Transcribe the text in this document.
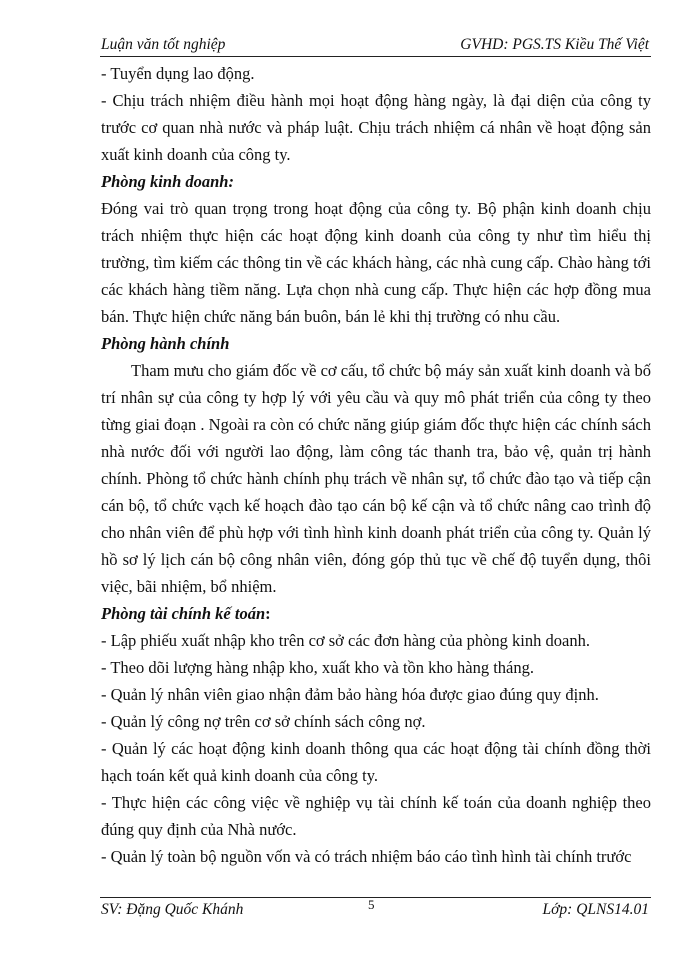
Luận văn tốt nghiệp	GVHD: PGS.TS Kiều Thế Việt

- Tuyển dụng lao động.

- Chịu trách nhiệm điều hành mọi hoạt động hàng ngày, là đại diện của công ty trước cơ quan nhà nước và pháp luật. Chịu trách nhiệm cá nhân về hoạt động sản xuất kinh doanh của công ty.

Phòng kinh doanh:

Đóng vai trò quan trọng trong hoạt động của công ty. Bộ phận kinh doanh chịu trách nhiệm thực hiện các hoạt động kinh doanh của công ty như tìm hiểu thị trường, tìm kiếm các thông tin về các khách hàng, các nhà cung cấp. Chào hàng tới các khách hàng tiềm năng. Lựa chọn nhà cung cấp. Thực hiện các hợp đồng mua bán. Thực hiện chức năng bán buôn, bán lẻ khi thị trường có nhu cầu.

Phòng hành chính

Tham mưu cho giám đốc về cơ cấu, tổ chức bộ máy sản xuất kinh doanh và bố trí nhân sự của công ty hợp lý với yêu cầu và quy mô phát triển của công ty theo từng giai đoạn . Ngoài ra còn có chức năng giúp giám đốc thực hiện các chính sách nhà nước đối với người lao động, làm công tác thanh tra, bảo vệ, quản trị hành chính. Phòng tổ chức hành chính phụ trách về nhân sự, tổ chức đào tạo và tiếp cận cán bộ, tổ chức vạch kế hoạch đào tạo cán bộ kế cận và tổ chức nâng cao trình độ cho nhân viên để phù hợp với tình hình kinh doanh phát triển của công ty. Quản lý hồ sơ lý lịch cán bộ công nhân viên, đóng góp thủ tục về chế độ tuyển dụng, thôi việc, bãi nhiệm, bổ nhiệm.

Phòng tài chính kế toán:

- Lập phiếu xuất nhập kho trên cơ sở các đơn hàng của phòng kinh doanh.

- Theo dõi lượng hàng nhập kho, xuất kho và tồn kho hàng tháng.

- Quản lý nhân viên giao nhận đảm bảo hàng hóa được giao đúng quy định.

- Quản lý công nợ trên cơ sở chính sách công nợ.

- Quản lý các hoạt động kinh doanh thông qua các hoạt động tài chính đồng thời hạch toán kết quả kinh doanh của công ty.

- Thực hiện các công việc về nghiệp vụ tài chính kế toán của doanh nghiệp theo đúng quy định của Nhà nước.

- Quản lý toàn bộ nguồn vốn và có trách nhiệm báo cáo tình hình tài chính trước

SV: Đặng Quốc Khánh	5	Lớp: QLNS14.01
